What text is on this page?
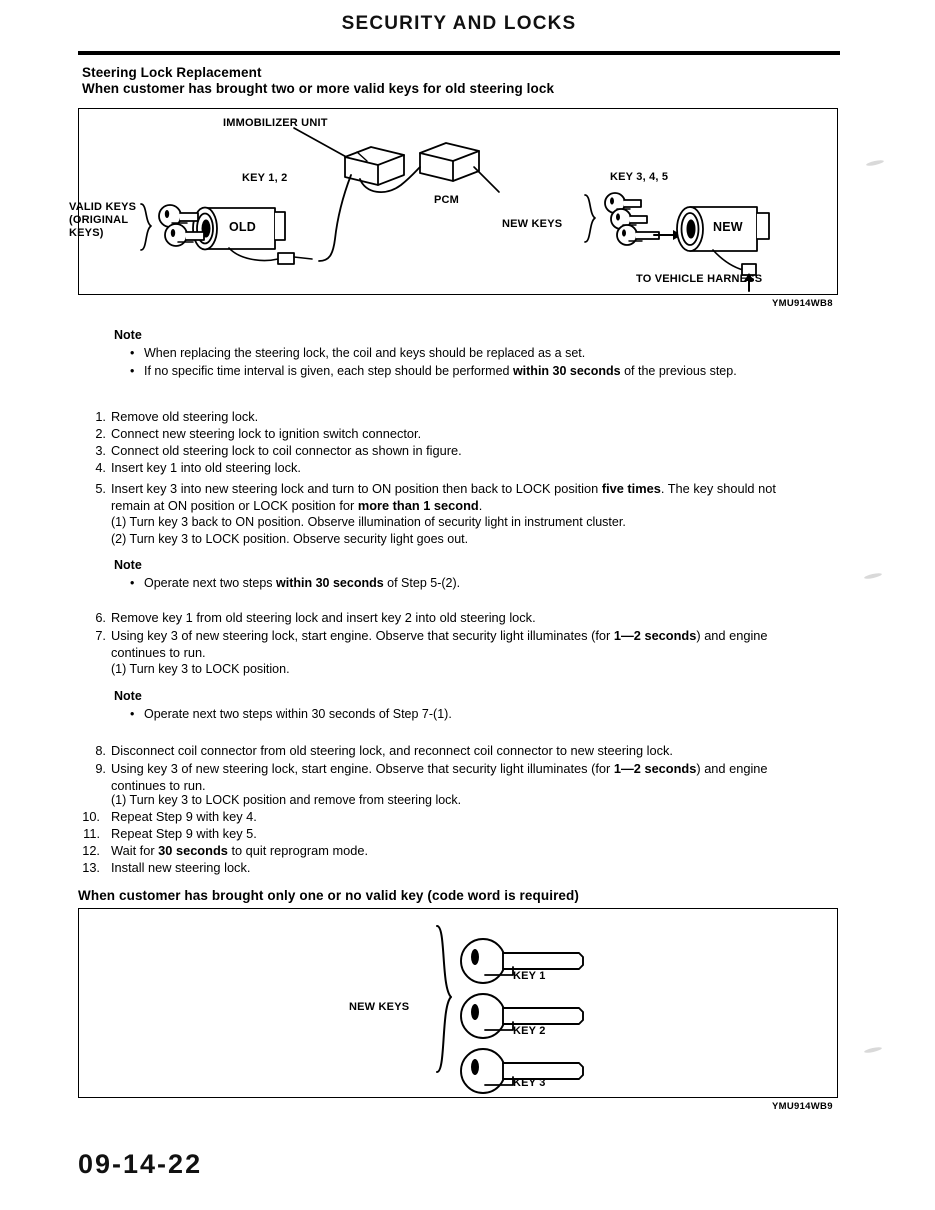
SECURITY AND LOCKS
Steering Lock Replacement
When customer has brought two or more valid keys for old steering lock
IMMOBILIZER UNIT
PCM
KEY 1, 2
VALID KEYS
(ORIGINAL
KEYS)	OLD
KEY 3, 4, 5
NEW KEYS	NEW
TO VEHICLE HARNESS
YMU914WB8
Note
• When replacing the steering lock, the coil and keys should be replaced as a set.
• If no specific time interval is given, each step should be performed within 30 seconds of the previous step.
1. Remove old steering lock.
2. Connect new steering lock to ignition switch connector.
3. Connect old steering lock to coil connector as shown in figure.
4. Insert key 1 into old steering lock.
5. Insert key 3 into new steering lock and turn to ON position then back to LOCK position five times. The key should not remain at ON position or LOCK position for more than 1 second.
(1) Turn key 3 back to ON position. Observe illumination of security light in instrument cluster.
(2) Turn key 3 to LOCK position. Observe security light goes out.
Note
• Operate next two steps within 30 seconds of Step 5-(2).
6. Remove key 1 from old steering lock and insert key 2 into old steering lock.
7. Using key 3 of new steering lock, start engine. Observe that security light illuminates (for 1—2 seconds) and engine continues to run.
(1) Turn key 3 to LOCK position.
Note
• Operate next two steps within 30 seconds of Step 7-(1).
8. Disconnect coil connector from old steering lock, and reconnect coil connector to new steering lock.
9. Using key 3 of new steering lock, start engine. Observe that security light illuminates (for 1—2 seconds) and engine continues to run.
(1) Turn key 3 to LOCK position and remove from steering lock.
10. Repeat Step 9 with key 4.
11. Repeat Step 9 with key 5.
12. Wait for 30 seconds to quit reprogram mode.
13. Install new steering lock.
When customer has brought only one or no valid key (code word is required)
NEW KEYS
KEY 1
KEY 2
KEY 3
YMU914WB9
09-14-22
